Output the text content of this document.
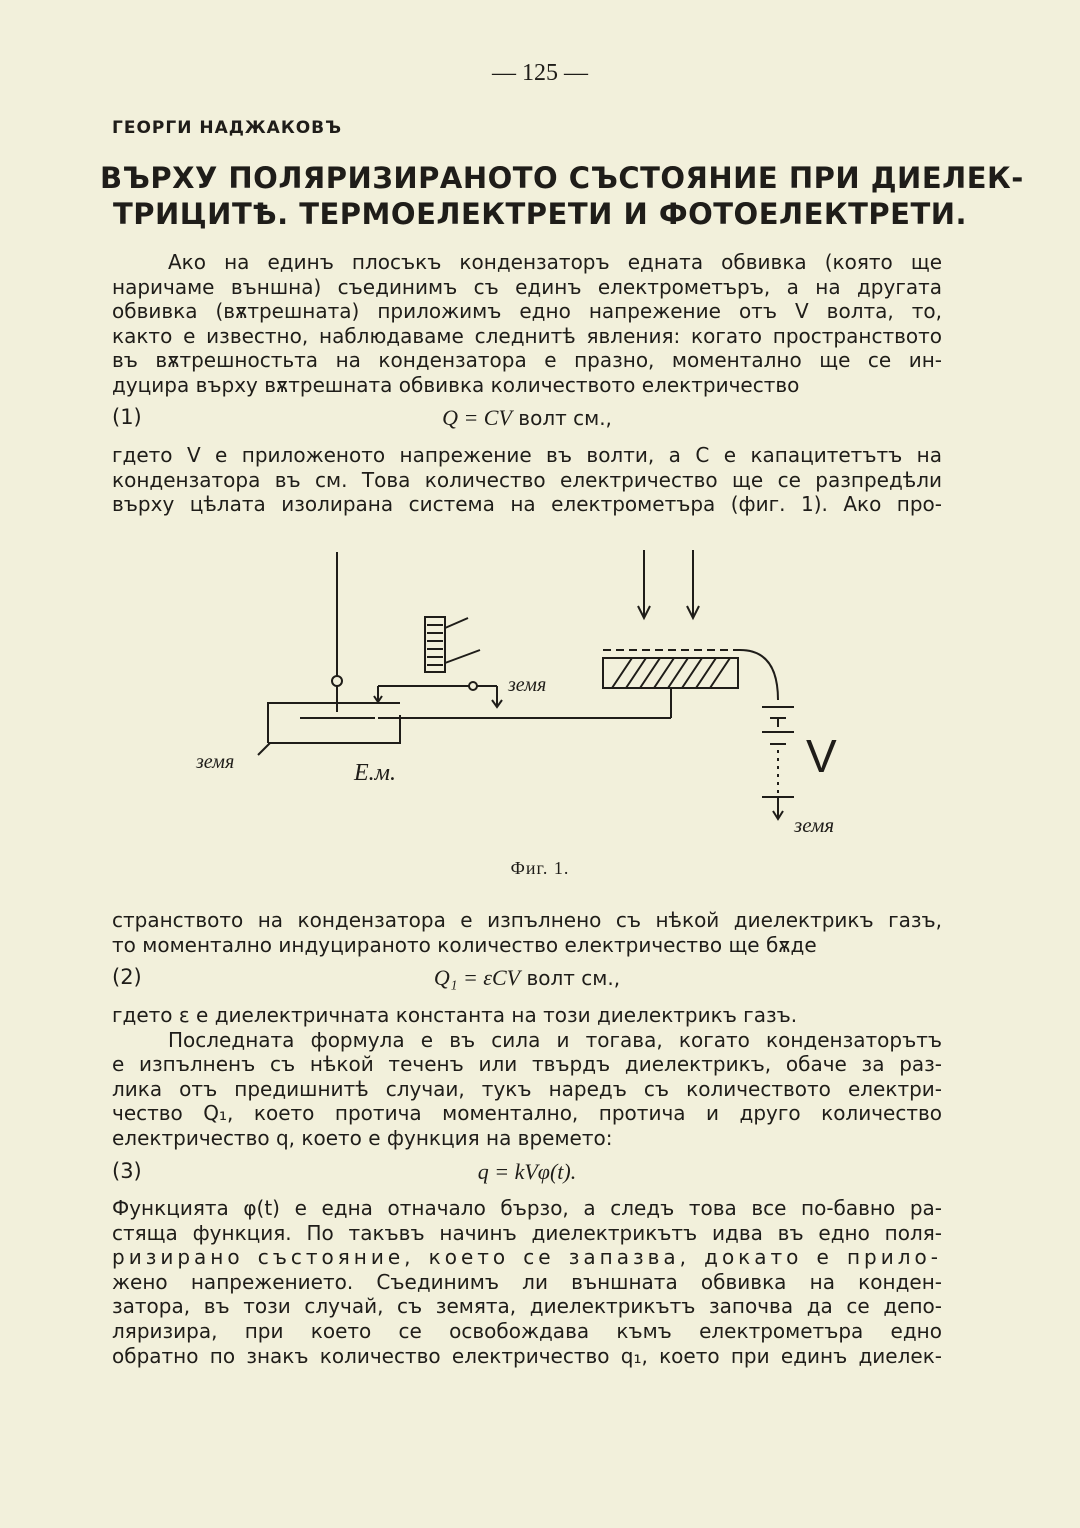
— 125 —
ГЕОРГИ НАДЖАКОВЪ
ВЪРХУ ПОЛЯРИЗИРАНОТО СЪСТОЯНИЕ ПРИ ДИЕЛЕК-
ТРИЦИТѢ. ТЕРМОЕЛЕКТРЕТИ И ФОТОЕЛЕКТРЕТИ.
Ако на единъ плосъкъ кондензаторъ едната обвивка (която ще
наричаме външна) съединимъ съ единъ електрометъръ, а на другата
обвивка (вѫтрешната) приложимъ едно напрежение отъ V волта, то,
както е известно, наблюдаваме следнитѣ явления: когато пространството
въ вѫтрешностьта на кондензатора е празно, моментално ще се ин-
дуцира върху вѫтрешната обвивка количеството електричество
(1)	Q = CV волт см.,
гдето V е приложеното напрежение въ волти, а C е капацитетътъ на
кондензатора въ см. Това количество електричество ще се разпредѣли
върху цѣлата изолирана система на електрометъра (фиг. 1). Ако про-
земя
земя	Е.м.	V
земя
Фиг. 1.
странството на кондензатора е изпълнено съ нѣкой диелектрикъ газъ,
то моментално индуцираното количество електричество ще бѫде
(2)	Q₁ = εCV волт см.,
гдето ε е диелектричната константа на този диелектрикъ газъ.
Последната формула е въ сила и тогава, когато кондензаторътъ
е изпълненъ съ нѣкой теченъ или твърдъ диелектрикъ, обаче за раз-
лика отъ предишнитѣ случаи, тукъ наредъ съ количеството електри-
чество Q₁, което протича моментално, протича и друго количество
електричество q, което е функция на времето:
(3)	q = kVφ(t).
Функцията φ(t) е една отначало бързо, а следъ това все по-бавно ра-
стяща функция. По такъвъ начинъ диелектрикътъ идва въ едно поля-
ризирано състояние, което се запазва, докато е прило-
жено напрежението. Съединимъ ли външната обвивка на конден-
затора, въ този случай, съ земята, диелектрикътъ започва да се депо-
ляризира, при което се освобождава къмъ електрометъра едно
обратно по знакъ количество електричество q₁, което при единъ диелек-
